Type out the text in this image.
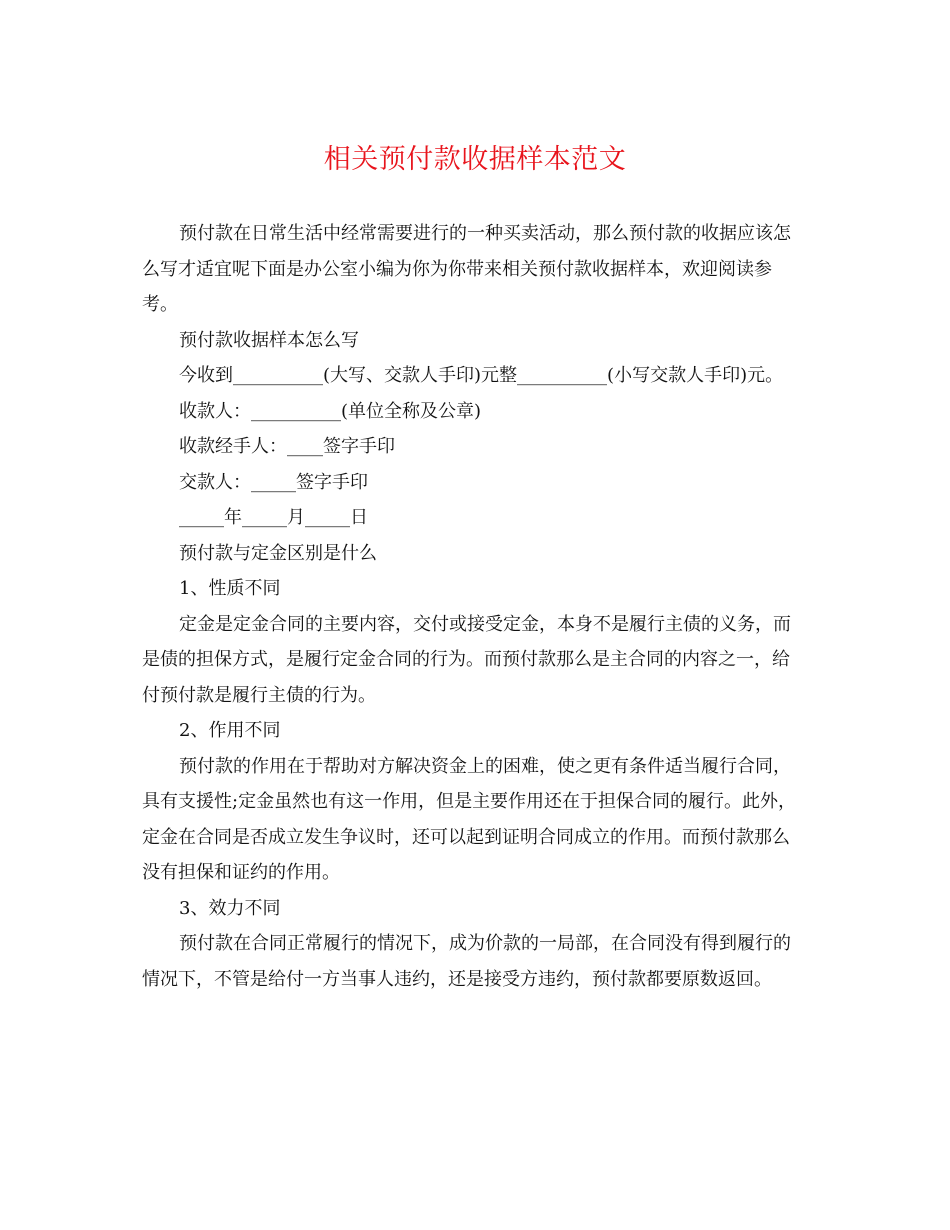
相关预付款收据样本范文

预付款在日常生活中经常需要进行的一种买卖活动，那么预付款的收据应该怎么写才适宜呢下面是办公室小编为你为你带来相关预付款收据样本，欢迎阅读参考。

预付款收据样本怎么写

今收到__________(大写、交款人手印)元整__________(小写交款人手印)元。

收款人：__________(单位全称及公章)

收款经手人：____签字手印

交款人：_____签字手印

_____年_____月_____日

预付款与定金区别是什么

1、性质不同

定金是定金合同的主要内容，交付或接受定金，本身不是履行主债的义务，而是债的担保方式，是履行定金合同的行为。而预付款那么是主合同的内容之一，给付预付款是履行主债的行为。

2、作用不同

预付款的作用在于帮助对方解决资金上的困难，使之更有条件适当履行合同，具有支援性;定金虽然也有这一作用，但是主要作用还在于担保合同的履行。此外，定金在合同是否成立发生争议时，还可以起到证明合同成立的作用。而预付款那么没有担保和证约的作用。

3、效力不同

预付款在合同正常履行的情况下，成为价款的一局部，在合同没有得到履行的情况下，不管是给付一方当事人违约，还是接受方违约，预付款都要原数返回。
